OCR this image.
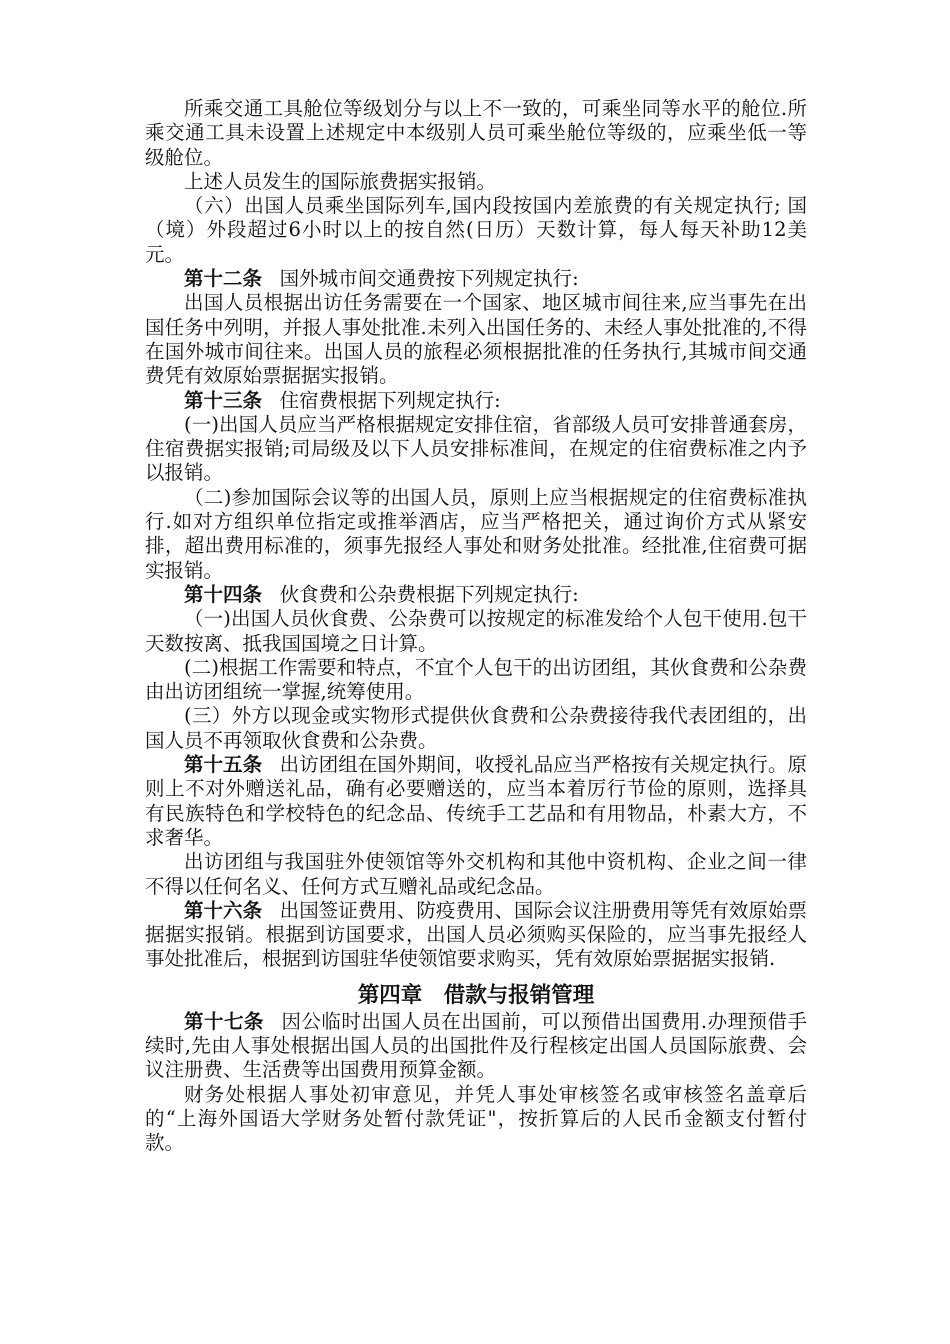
所乘交通工具舱位等级划分与以上不一致的，可乘坐同等水平的舱位.所乘交通工具未设置上述规定中本级别人员可乘坐舱位等级的，应乘坐低一等级舱位。

上述人员发生的国际旅费据实报销。

（六）出国人员乘坐国际列车,国内段按国内差旅费的有关规定执行; 国（境）外段超过6小时以上的按自然(日历）天数计算，每人每天补助12美元。

第十二条 国外城市间交通费按下列规定执行:

出国人员根据出访任务需要在一个国家、地区城市间往来,应当事先在出国任务中列明，并报人事处批准.未列入出国任务的、未经人事处批准的,不得在国外城市间往来。出国人员的旅程必须根据批准的任务执行,其城市间交通费凭有效原始票据据实报销。

第十三条 住宿费根据下列规定执行:

(一)出国人员应当严格根据规定安排住宿，省部级人员可安排普通套房，住宿费据实报销;司局级及以下人员安排标准间，在规定的住宿费标准之内予以报销。

（二)参加国际会议等的出国人员，原则上应当根据规定的住宿费标准执行.如对方组织单位指定或推举酒店，应当严格把关，通过询价方式从紧安排，超出费用标准的，须事先报经人事处和财务处批准。经批准,住宿费可据实报销。

第十四条 伙食费和公杂费根据下列规定执行:

（一)出国人员伙食费、公杂费可以按规定的标准发给个人包干使用.包干天数按离、抵我国国境之日计算。

(二)根据工作需要和特点，不宜个人包干的出访团组，其伙食费和公杂费由出访团组统一掌握,统筹使用。

(三）外方以现金或实物形式提供伙食费和公杂费接待我代表团组的，出国人员不再领取伙食费和公杂费。

第十五条 出访团组在国外期间，收授礼品应当严格按有关规定执行。原则上不对外赠送礼品，确有必要赠送的，应当本着厉行节俭的原则，选择具有民族特色和学校特色的纪念品、传统手工艺品和有用物品，朴素大方，不求奢华。

出访团组与我国驻外使领馆等外交机构和其他中资机构、企业之间一律不得以任何名义、任何方式互赠礼品或纪念品。

第十六条 出国签证费用、防疫费用、国际会议注册费用等凭有效原始票据据实报销。根据到访国要求，出国人员必须购买保险的，应当事先报经人事处批准后，根据到访国驻华使领馆要求购买，凭有效原始票据据实报销.

第四章　借款与报销管理

第十七条 因公临时出国人员在出国前，可以预借出国费用.办理预借手续时,先由人事处根据出国人员的出国批件及行程核定出国人员国际旅费、会议注册费、生活费等出国费用预算金额。

财务处根据人事处初审意见，并凭人事处审核签名或审核签名盖章后的“上海外国语大学财务处暂付款凭证"，按折算后的人民币金额支付暂付款。
